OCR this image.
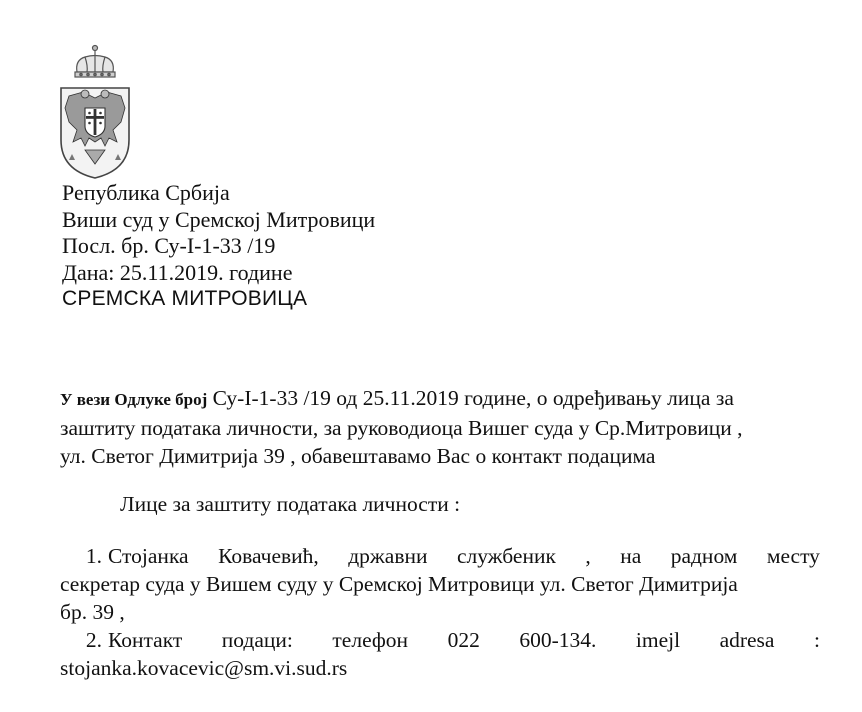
Република Србија
Виши суд у Сремској Митровици
Посл. бр. Су-I-1-33 /19
Дана: 25.11.2019. године
СРЕМСКА МИТРОВИЦА
У вези Одлуке број Су-I-1-33 /19 од 25.11.2019 године, о одређивању лица за
заштиту података личности, за руководиоца Вишег суда у Ср.Митровици ,
ул. Светог Димитрија 39 , обавештавамо Вас о контакт подацима
Лице за заштиту података личности :
1. Стојанка Ковачевић, државни службеник , на радном месту
секретар суда у Вишем суду у Сремској Митровици ул. Светог Димитрија
бр. 39 ,
2. Контакт подаци: телефон 022 600-134. imejl adresa :
stojanka.kovacevic@sm.vi.sud.rs
